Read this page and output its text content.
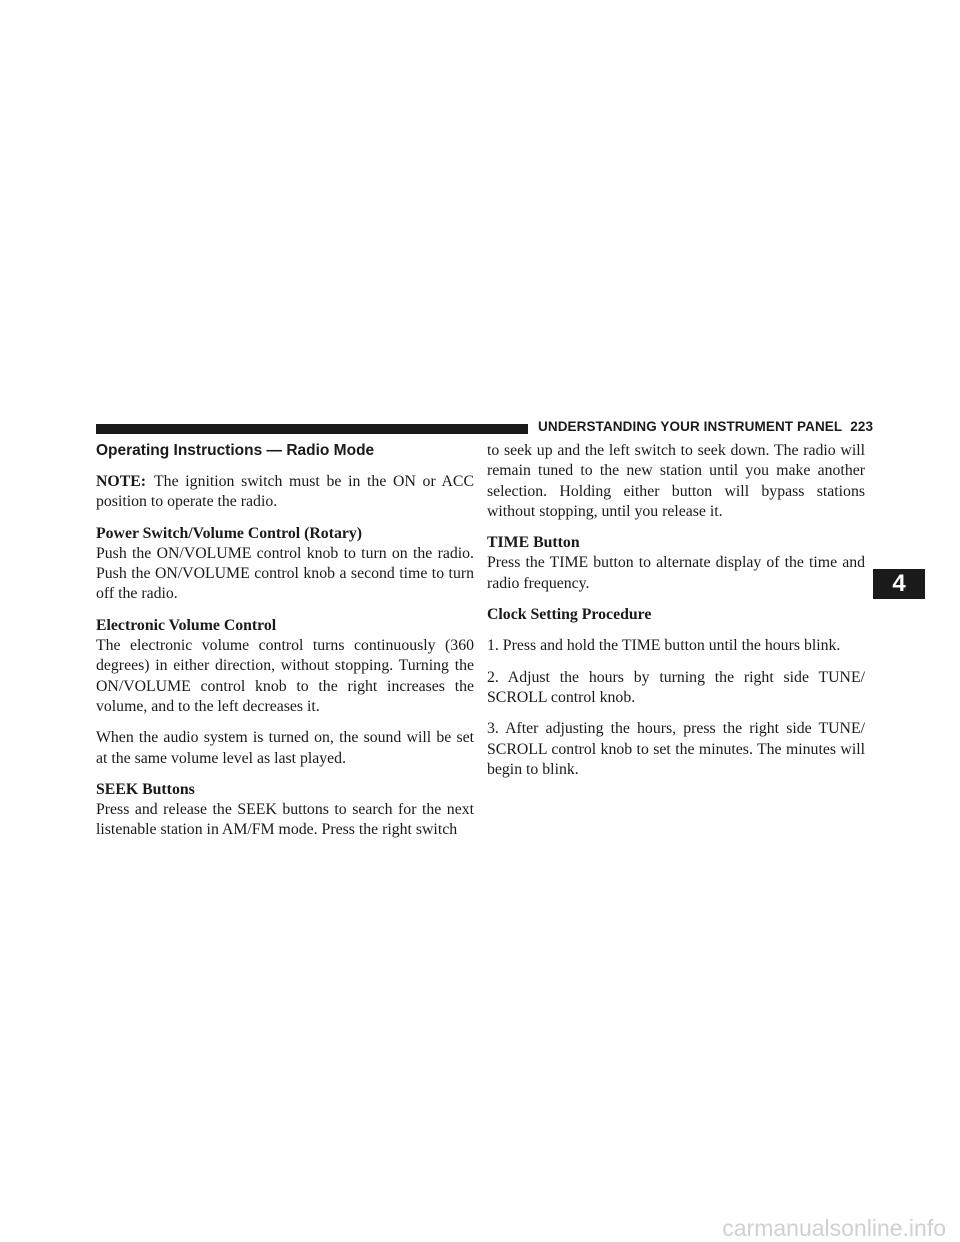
UNDERSTANDING YOUR INSTRUMENT PANEL 223
Operating Instructions — Radio Mode

NOTE: The ignition switch must be in the ON or ACC position to operate the radio.

Power Switch/Volume Control (Rotary)

Push the ON/VOLUME control knob to turn on the radio. Push the ON/VOLUME control knob a second time to turn off the radio.

Electronic Volume Control

The electronic volume control turns continuously (360 degrees) in either direction, without stopping. Turning the ON/VOLUME control knob to the right increases the volume, and to the left decreases it.

When the audio system is turned on, the sound will be set at the same volume level as last played.

SEEK Buttons

Press and release the SEEK buttons to search for the next listenable station in AM/FM mode. Press the right switch

to seek up and the left switch to seek down. The radio will remain tuned to the new station until you make another selection. Holding either button will bypass stations without stopping, until you release it.

TIME Button

Press the TIME button to alternate display of the time and radio frequency.

Clock Setting Procedure

1. Press and hold the TIME button until the hours blink.

2. Adjust the hours by turning the right side TUNE/ SCROLL control knob.

3. After adjusting the hours, press the right side TUNE/ SCROLL control knob to set the minutes. The minutes will begin to blink.

4
carmanualsonline.info
